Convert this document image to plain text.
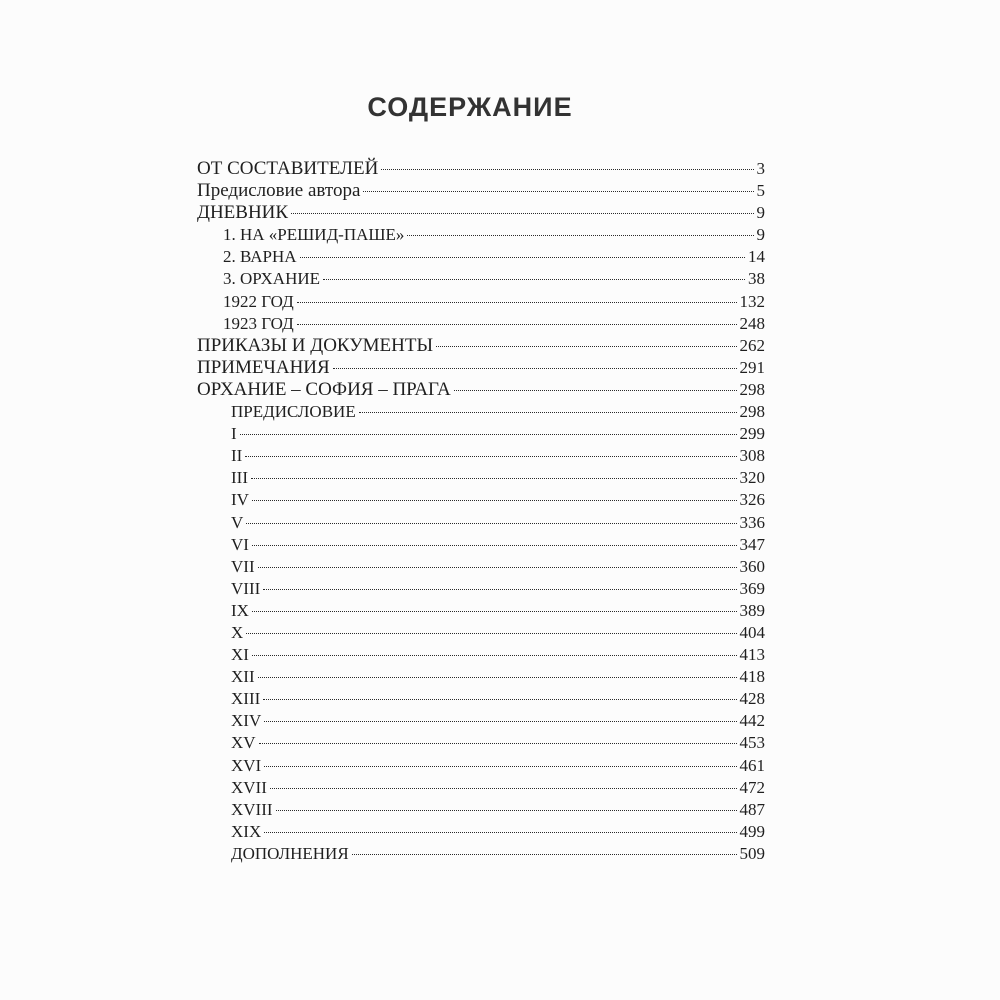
СОДЕРЖАНИЕ
ОТ СОСТАВИТЕЛЕЙ	3
Предисловие автора	5
ДНЕВНИК	9
1. НА «РЕШИД-ПАШЕ»	9
2. ВАРНА	14
3. ОРХАНИЕ	38
1922 ГОД	132
1923 ГОД	248
ПРИКАЗЫ И ДОКУМЕНТЫ	262
ПРИМЕЧАНИЯ	291
ОРХАНИЕ – СОФИЯ – ПРАГА	298
ПРЕДИСЛОВИЕ	298
I	299
II	308
III	320
IV	326
V	336
VI	347
VII	360
VIII	369
IX	389
X	404
XI	413
XII	418
XIII	428
XIV	442
XV	453
XVI	461
XVII	472
XVIII	487
XIX	499
ДОПОЛНЕНИЯ	509
